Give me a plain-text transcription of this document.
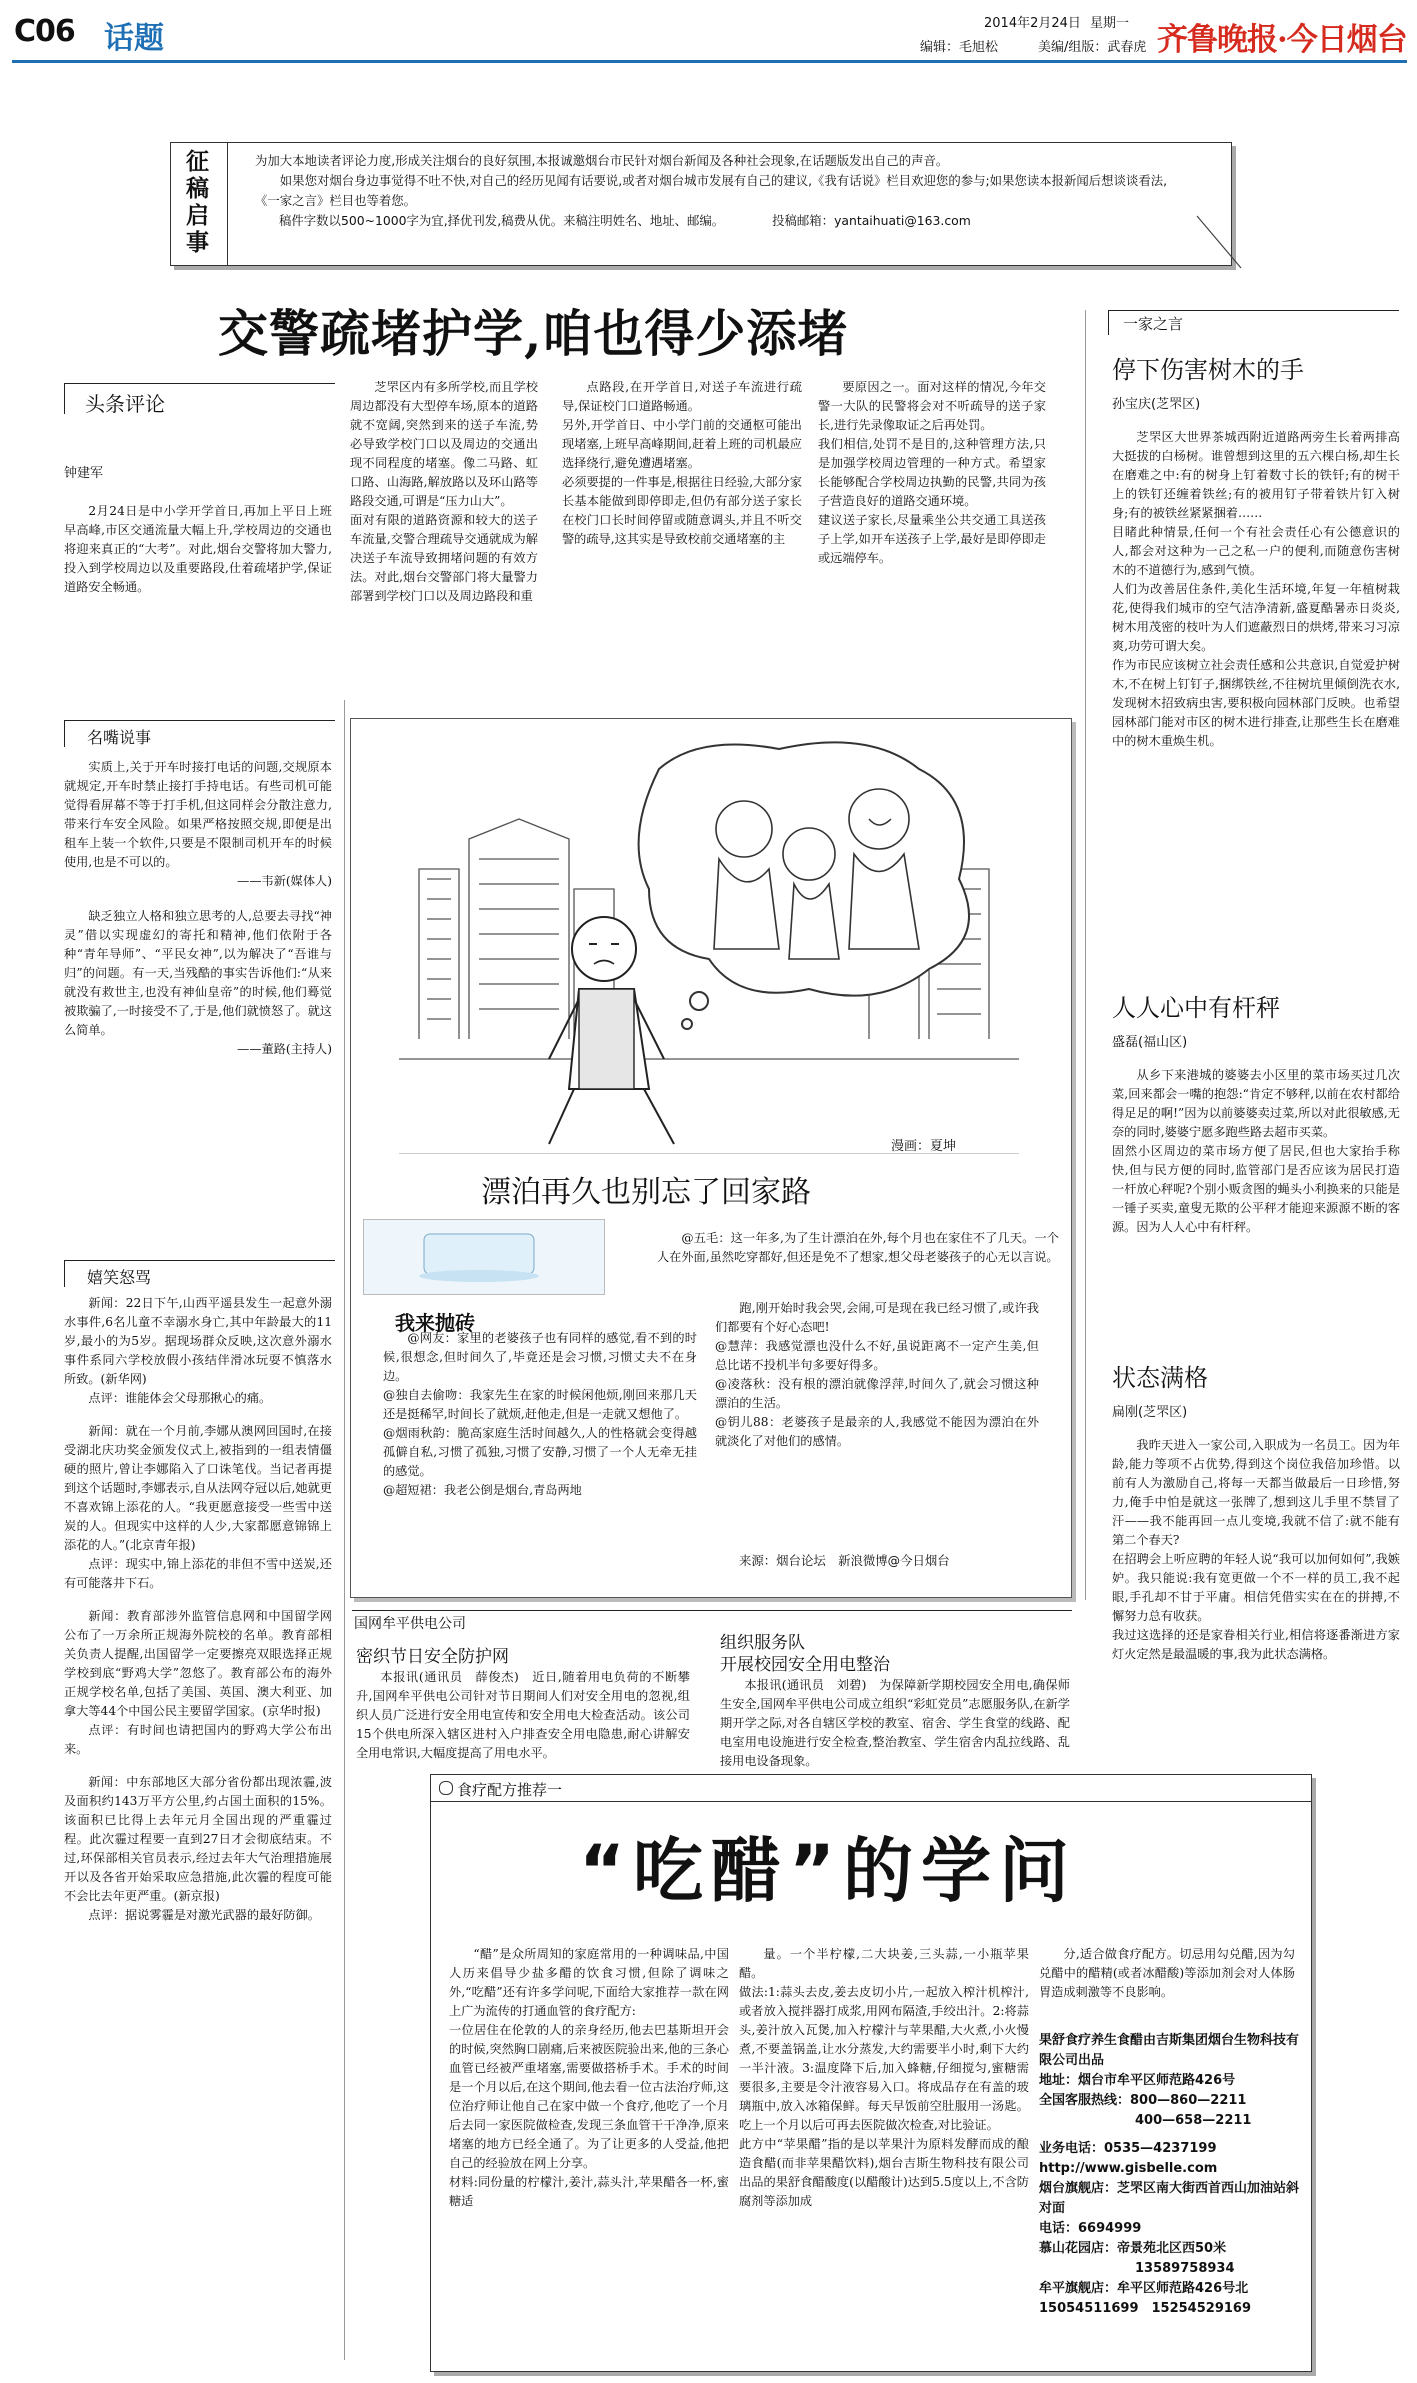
C06 话题	2014年2月24日 星期一
编辑：毛旭松	美编/组版：武春虎 齐鲁晚报·今日烟台
征稿启事
为加大本地读者评论力度,形成关注烟台的良好氛围,本报诚邀烟台市民针对烟台新闻及各种社会现象,在话题版发出自己的声音。
如果您对烟台身边事觉得不吐不快,对自己的经历见闻有话要说,或者对烟台城市发展有自己的建议,《我有话说》栏目欢迎您的参与;如果您读本报新闻后想谈谈看法,《一家之言》栏目也等着您。
稿件字数以500~1000字为宜,择优刊发,稿费从优。来稿注明姓名、地址、邮编。	投稿邮箱：yantaihuati@163.com
交警疏堵护学,咱也得少添堵
头条评论
钟建军

2月24日是中小学开学首日,再加上平日上班早高峰,市区交通流量大幅上升,学校周边的交通也将迎来真正的“大考”。对此,烟台交警将加大警力,投入到学校周边以及重要路段,仕着疏堵护学,保证道路安全畅通。

芝罘区内有多所学校,而且学校周边都没有大型停车场,原本的道路就不宽阔,突然到来的送子车流,势必导致学校门口以及周边的交通出现不同程度的堵塞。像二马路、虹口路、山海路,解放路以及环山路等路段交通,可谓是“压力山大”。
面对有限的道路资源和较大的送子车流量,交警合理疏导交通就成为解决送子车流导致拥堵问题的有效方法。对此,烟台交警部门将大量警力部署到学校门口以及周边路段和重
点路段,在开学首日,对送子车流进行疏导,保证校门口道路畅通。
另外,开学首日、中小学门前的交通枢可能出现堵塞,上班早高峰期间,赶着上班的司机最应选择绕行,避免遭遇堵塞。
必须要提的一件事是,根据往日经验,大部分家长基本能做到即停即走,但仍有部分送子家长在校门口长时间停留或随意调头,并且不听交警的疏导,这其实是导致校前交通堵塞的主
要原因之一。面对这样的情况,今年交警一大队的民警将会对不听疏导的送子家长,进行先录像取证之后再处罚。
我们相信,处罚不是目的,这种管理方法,只是加强学校周边管理的一种方式。希望家长能够配合学校周边执勤的民警,共同为孩子营造良好的道路交通环境。
建议送子家长,尽量乘坐公共交通工具送孩子上学,如开车送孩子上学,最好是即停即走或远端停车。
名嘴说事

实质上,关于开车时接打电话的问题,交规原本就规定,开车时禁止接打手持电话。有些司机可能觉得看屏幕不等于打手机,但这同样会分散注意力,带来行车安全风险。如果严格按照交规,即便是出租车上装一个软件,只要是不限制司机开车的时候使用,也是不可以的。

——韦新(媒体人)

缺乏独立人格和独立思考的人,总要去寻找“神灵”借以实现虚幻的寄托和精神,他们依附于各种“青年导师”、“平民女神”,以为解决了“吾谁与归”的问题。有一天,当残酷的事实告诉他们:“从来就没有救世主,也没有神仙皇帝”的时候,他们蓦觉被欺骗了,一时接受不了,于是,他们就愤怒了。就这么简单。

——董路(主持人)
嬉笑怒骂

新闻：22日下午,山西平遥县发生一起意外溺水事件,6名儿童不幸溺水身亡,其中年龄最大的11岁,最小的为5岁。据现场群众反映,这次意外溺水事件系同六学校放假小孩结伴滑冰玩耍不慎落水所致。(新华网)

点评：谁能体会父母那揪心的痛。

新闻：就在一个月前,李娜从澳网回国时,在接受湖北庆功奖金颁发仪式上,被指到的一组表情僵硬的照片,曾让李娜陷入了口诛笔伐。当记者再提到这个话题时,李娜表示,自从法网夺冠以后,她就更不喜欢锦上添花的人。“我更愿意接受一些雪中送炭的人。但现实中这样的人少,大家都愿意锦锦上添花的人。”(北京青年报)

点评：现实中,锦上添花的非但不雪中送炭,还有可能落井下石。

新闻：教育部涉外监管信息网和中国留学网公布了一万余所正规海外院校的名单。教育部相关负责人提醒,出国留学一定要擦亮双眼选择正规学校到底“野鸡大学”忽悠了。教育部公布的海外正规学校名单,包括了美国、英国、澳大利亚、加拿大等44个中国公民主要留学国家。(京华时报)

点评：有时间也请把国内的野鸡大学公布出来。

新闻：中东部地区大部分省份都出现浓霾,波及面积约143万平方公里,约占国土面积的15%。该面积已比得上去年元月全国出现的严重霾过程。此次霾过程要一直到27日才会彻底结束。不过,环保部相关官员表示,经过去年大气治理措施展开以及各省开始采取应急措施,此次霾的程度可能不会比去年更严重。(新京报)

点评：据说雾霾是对激光武器的最好防御。

漫画：夏坤
漂泊再久也别忘了回家路
我来抛砖

@五毛：这一年多,为了生计漂泊在外,每个月也在家住不了几天。一个人在外面,虽然吃穿都好,但还是免不了想家,想父母老婆孩子的心无以言说。

@网友：家里的老婆孩子也有同样的感觉,看不到的时候,很想念,但时间久了,毕竟还是会习惯,习惯丈夫不在身边。
@独自去偷吻：我家先生在家的时候闲他烦,刚回来那几天还是挺稀罕,时间长了就烦,赶他走,但是一走就又想他了。
@烟雨秋韵：脆高家庭生活时间越久,人的性格就会变得越孤僻自私,习惯了孤独,习惯了安静,习惯了一个人无牵无挂的感觉。
@超短裙：我老公倒是烟台,青岛两地
跑,刚开始时我会哭,会闹,可是现在我已经习惯了,或许我们都要有个好心态吧!
@慧萍：我感觉漂也没什么不好,虽说距离不一定产生美,但总比诺不投机半句多要好得多。
@凌落秋：没有根的漂泊就像浮萍,时间久了,就会习惯这种漂泊的生活。
@钥儿88：老婆孩子是最亲的人,我感觉不能因为漂泊在外就淡化了对他们的感情。
来源：烟台论坛　新浪微博@今日烟台
国网牟平供电公司
密织节日安全防护网

本报讯(通讯员　薛俊杰)　近日,随着用电负荷的不断攀升,国网牟平供电公司针对节日期间人们对安全用电的忽视,组织人员广泛进行安全用电宣传和安全用电大检查活动。该公司15个供电所深入辖区进村入户排查安全用电隐患,耐心讲解安全用电常识,大幅度提高了用电水平。

组织服务队
开展校园安全用电整治

本报讯(通讯员　刘碧)　为保障新学期校园安全用电,确保师生安全,国网牟平供电公司成立组织“彩虹党员”志愿服务队,在新学期开学之际,对各自辖区学校的教室、宿舍、学生食堂的线路、配电室用电设施进行安全检查,整治教室、学生宿舍内乱拉线路、乱接用电设备现象。

食疗配方推荐一
“吃醋”的学问
“醋”是众所周知的家庭常用的一种调味品,中国人历来倡导少盐多醋的饮食习惯,但除了调味之外,“吃醋”还有许多学问呢,下面给大家推荐一款在网上广为流传的打通血管的食疗配方:
一位居住在伦敦的人的亲身经历,他去巴基斯坦开会的时候,突然胸口剧痛,后来被医院验出来,他的三条心血管已经被严重堵塞,需要做搭桥手术。手术的时间是一个月以后,在这个期间,他去看一位古法治疗师,这位治疗师让他自己在家中做一个食疗,他吃了一个月后去同一家医院做检查,发现三条血管干干净净,原来堵塞的地方已经全通了。为了让更多的人受益,他把自己的经验放在网上分享。
材料:同份量的柠檬汁,姜汁,蒜头汁,苹果醋各一杯,蜜糖适
量。一个半柠檬,二大块姜,三头蒜,一小瓶苹果醋。
做法:1:蒜头去皮,姜去皮切小片,一起放入榨汁机榨汁,或者放入搅拌器打成浆,用网布隔渣,手绞出汁。2:将蒜头,姜汁放入瓦煲,加入柠檬汁与苹果醋,大火煮,小火慢煮,不要盖锅盖,让水分蒸发,大约需要半小时,剩下大约一半汁液。3:温度降下后,加入蜂糖,仔细搅匀,蜜糖需要很多,主要是令汁液容易入口。将成品存在有盖的玻璃瓶中,放入冰箱保鲜。每天早饭前空肚服用一汤匙。吃上一个月以后可再去医院做次检查,对比验证。
此方中“苹果醋”指的是以苹果汁为原料发酵而成的酿造食醋(而非苹果醋饮料),烟台吉斯生物科技有限公司出品的果舒食醋酸度(以醋酸计)达到5.5度以上,不含防腐剂等添加成

分,适合做食疗配方。切忌用勾兑醋,因为勾兑醋中的醋精(或者冰醋酸)等添加剂会对人体肠胃造成刺激等不良影响。

果舒食疗养生食醋由吉斯集团烟台生物科技有限公司出品
地址：烟台市牟平区师范路426号
全国客服热线：800—860—2211
400—658—2211
业务电话：0535—4237199
http://www.gisbelle.com
烟台旗舰店：芝罘区南大街西首西山加油站斜对面
电话：6694999
慕山花园店：帝景苑北区西50米
13589758934
牟平旗舰店：牟平区师范路426号北
15054511699　15254529169
一家之言
停下伤害树木的手
孙宝庆(芝罘区)
芝罘区大世界茶城西附近道路两旁生长着两排高大挺拔的白杨树。谁曾想到这里的五六棵白杨,却生长在磨难之中:有的树身上钉着数寸长的铁钎;有的树干上的铁钉还缠着铁丝;有的被用钉子带着铁片钉入树身;有的被铁丝紧紧捆着……
目睹此种情景,任何一个有社会责任心有公德意识的人,都会对这种为一己之私一户的便利,而随意伤害树木的不道德行为,感到气愤。
人们为改善居住条件,美化生活环境,年复一年植树栽花,使得我们城市的空气洁净清新,盛夏酷暑赤日炎炎,树木用茂密的枝叶为人们遮蔽烈日的烘烤,带来习习凉爽,功劳可谓大矣。
作为市民应该树立社会责任感和公共意识,自觉爱护树木,不在树上钉钉子,捆绑铁丝,不往树坑里倾倒洗衣水,发现树木招致病虫害,要积极向园林部门反映。也希望园林部门能对市区的树木进行排查,让那些生长在磨难中的树木重焕生机。
人人心中有杆秤
盛磊(福山区)
从乡下来港城的婆婆去小区里的菜市场买过几次菜,回来都会一嘴的抱怨:“肯定不够秤,以前在农村都给得足足的啊!”因为以前婆婆卖过菜,所以对此很敏感,无奈的同时,婆婆宁愿多跑些路去超市买菜。
固然小区周边的菜市场方便了居民,但也大家抬手称快,但与民方便的同时,监管部门是否应该为居民打造一杆放心秤呢?个别小贩贪图的蝇头小利换来的只能是一锤子买卖,童叟无欺的公平秤才能迎来源源不断的客源。因为人人心中有杆秤。
状态满格
扁刚(芝罘区)
我昨天进入一家公司,入职成为一名员工。因为年龄,能力等项不占优势,得到这个岗位我倍加珍惜。以前有人为激励自己,将每一天都当做最后一日珍惜,努力,俺手中怕是就这一张牌了,想到这儿手里不禁冒了汗——我不能再回一点儿变境,我就不信了:就不能有第二个春天?
在招聘会上听应聘的年轻人说“我可以加何如何”,我嫉妒。我只能说:我有宽更做一个不一样的员工,我不起眼,手孔却不甘于平庸。相信凭借实实在在的拼搏,不懈努力总有收获。
我过这选择的还是家眷相关行业,相信将逐番渐进方家灯火定然是最温暖的事,我为此状态满格。
